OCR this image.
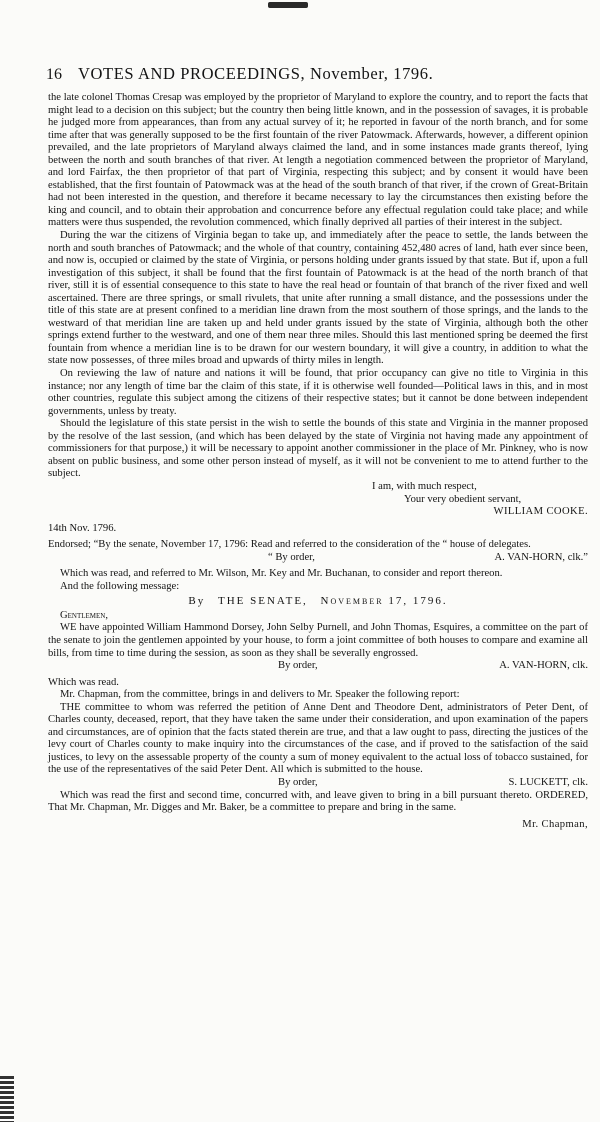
16 VOTES AND PROCEEDINGS, November, 1796.

the late colonel Thomas Cresap was employed by the proprietor of Maryland to explore the country, and to report the facts that might lead to a decision on this subject; but the country then being little known, and in the possession of savages, it is probable he judged more from appearances, than from any actual survey of it; he reported in favour of the north branch, and for some time after that was generally supposed to be the first fountain of the river Patowmack. Afterwards, however, a different opinion prevailed, and the late proprietors of Maryland always claimed the land, and in some instances made grants thereof, lying between the north and south branches of that river. At length a negotiation commenced between the proprietor of Maryland, and lord Fairfax, the then proprietor of that part of Virginia, respecting this subject; and by consent it would have been established, that the first fountain of Patowmack was at the head of the south branch of that river, if the crown of Great-Britain had not been interested in the question, and therefore it became necessary to lay the circumstances then existing before the king and council, and to obtain their approbation and concurrence before any effectual regulation could take place; and while matters were thus suspended, the revolution commenced, which finally deprived all parties of their interest in the subject.

During the war the citizens of Virginia began to take up, and immediately after the peace to settle, the lands between the north and south branches of Patowmack; and the whole of that country, containing 452,480 acres of land, hath ever since been, and now is, occupied or claimed by the state of Virginia, or persons holding under grants issued by that state. But if, upon a full investigation of this subject, it shall be found that the first fountain of Patowmack is at the head of the north branch of that river, still it is of essential consequence to this state to have the real head or fountain of that branch of the river fixed and well ascertained. There are three springs, or small rivulets, that unite after running a small distance, and the possessions under the title of this state are at present confined to a meridian line drawn from the most southern of those springs, and the lands to the westward of that meridian line are taken up and held under grants issued by the state of Virginia, although both the other springs extend further to the westward, and one of them near three miles. Should this last mentioned spring be deemed the first fountain from whence a meridian line is to be drawn for our western boundary, it will give a country, in addition to what the state now possesses, of three miles broad and upwards of thirty miles in length.

On reviewing the law of nature and nations it will be found, that prior occupancy can give no title to Virginia in this instance; nor any length of time bar the claim of this state, if it is otherwise well founded—Political laws in this, and in most other countries, regulate this subject among the citizens of their respective states; but it cannot be done between independent governments, unless by treaty.

Should the legislature of this state persist in the wish to settle the bounds of this state and Virginia in the manner proposed by the resolve of the last session, (and which has been delayed by the state of Virginia not having made any appointment of commissioners for that purpose,) it will be necessary to appoint another commissioner in the place of Mr. Pinkney, who is now absent on public business, and some other person instead of myself, as it will not be convenient to me to attend further to the subject.

I am, with much respect,

Your very obedient servant,

WILLIAM COOKE.

14th Nov. 1796.

Endorsed; “By the senate, November 17, 1796: Read and referred to the consideration of the “ house of delegates.

“ By order,	A. VAN-HORN, clk.”

Which was read, and referred to Mr. Wilson, Mr. Key and Mr. Buchanan, to consider and report thereon.

And the following message:

By THE SENATE, November 17, 1796.

Gentlemen,

WE have appointed William Hammond Dorsey, John Selby Purnell, and John Thomas, Esquires, a committee on the part of the senate to join the gentlemen appointed by your house, to form a joint committee of both houses to compare and examine all bills, from time to time during the session, as soon as they shall be severally engrossed.

By order,	A. VAN-HORN, clk.

Which was read.

Mr. Chapman, from the committee, brings in and delivers to Mr. Speaker the following report:

THE committee to whom was referred the petition of Anne Dent and Theodore Dent, administrators of Peter Dent, of Charles county, deceased, report, that they have taken the same under their consideration, and upon examination of the papers and circumstances, are of opinion that the facts stated therein are true, and that a law ought to pass, directing the justices of the levy court of Charles county to make inquiry into the circumstances of the case, and if proved to the satisfaction of the said justices, to levy on the assessable property of the county a sum of money equivalent to the actual loss of tobacco sustained, for the use of the representatives of the said Peter Dent. All which is submitted to the house.

By order,	S. LUCKETT, clk.

Which was read the first and second time, concurred with, and leave given to bring in a bill pursuant thereto. ORDERED, That Mr. Chapman, Mr. Digges and Mr. Baker, be a committee to prepare and bring in the same.

Mr. Chapman,
